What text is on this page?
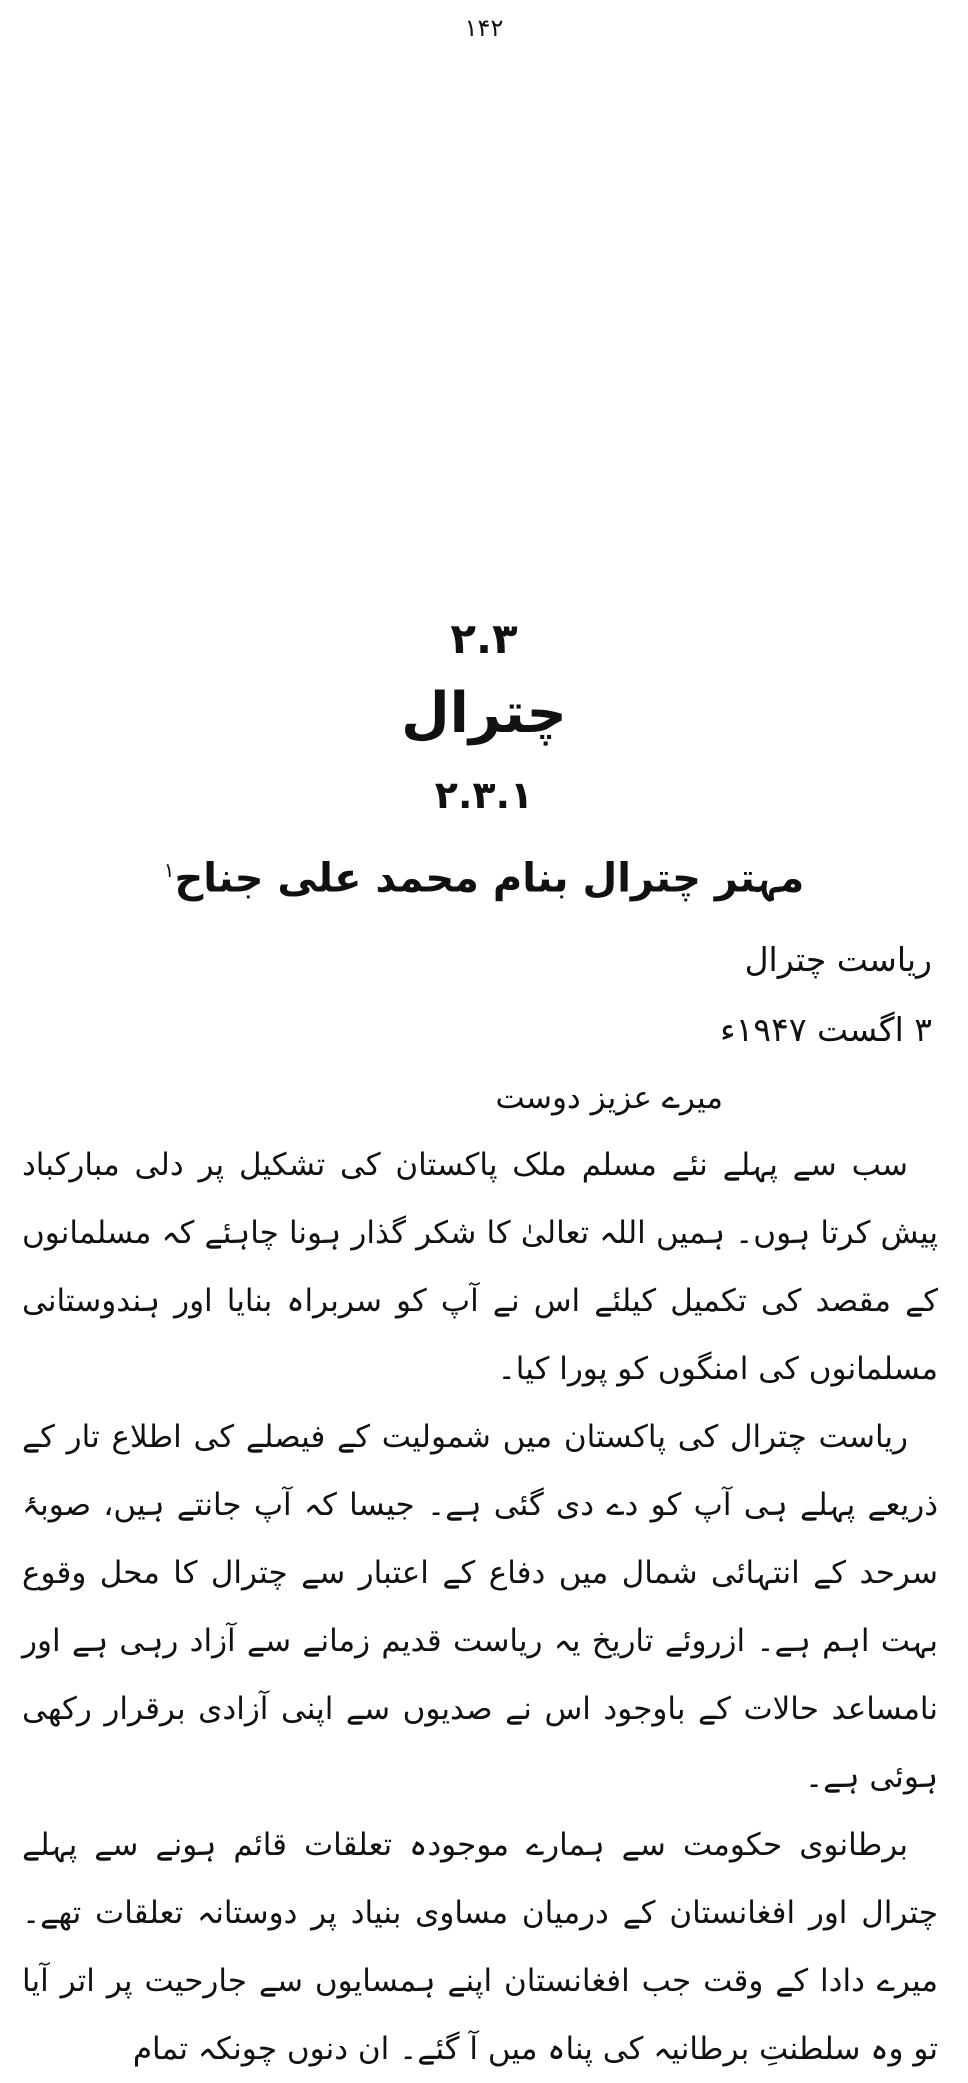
۱۴۲
۲.۳
چترال
۲.۳.۱
مہتر چترال بنام محمد علی جناح$^۱$
ریاست چترال
۳ اگست ۱۹۴۷ء
میرے عزیز دوست

سب سے پہلے نئے مسلم ملک پاکستان کی تشکیل پر دلی مبارکباد پیش کرتا ہوں۔ ہمیں اللہ تعالیٰ کا شکر گذار ہونا چاہئے کہ مسلمانوں کے مقصد کی تکمیل کیلئے اس نے آپ کو سربراہ بنایا اور ہندوستانی مسلمانوں کی امنگوں کو پورا کیا۔

ریاست چترال کی پاکستان میں شمولیت کے فیصلے کی اطلاع تار کے ذریعے پہلے ہی آپ کو دے دی گئی ہے۔ جیسا کہ آپ جانتے ہیں، صوبۂ سرحد کے انتہائی شمال میں دفاع کے اعتبار سے چترال کا محل وقوع بہت اہم ہے۔ ازروئے تاریخ یہ ریاست قدیم زمانے سے آزاد رہی ہے اور نامساعد حالات کے باوجود اس نے صدیوں سے اپنی آزادی برقرار رکھی ہوئی ہے۔

برطانوی حکومت سے ہمارے موجودہ تعلقات قائم ہونے سے پہلے چترال اور افغانستان کے درمیان مساوی بنیاد پر دوستانہ تعلقات تھے۔ میرے دادا کے وقت جب افغانستان اپنے ہمسایوں سے جارحیت پر اتر آیا تو وہ سلطنتِ برطانیہ کی پناہ میں آ گئے۔ ان دنوں چونکہ تمام
